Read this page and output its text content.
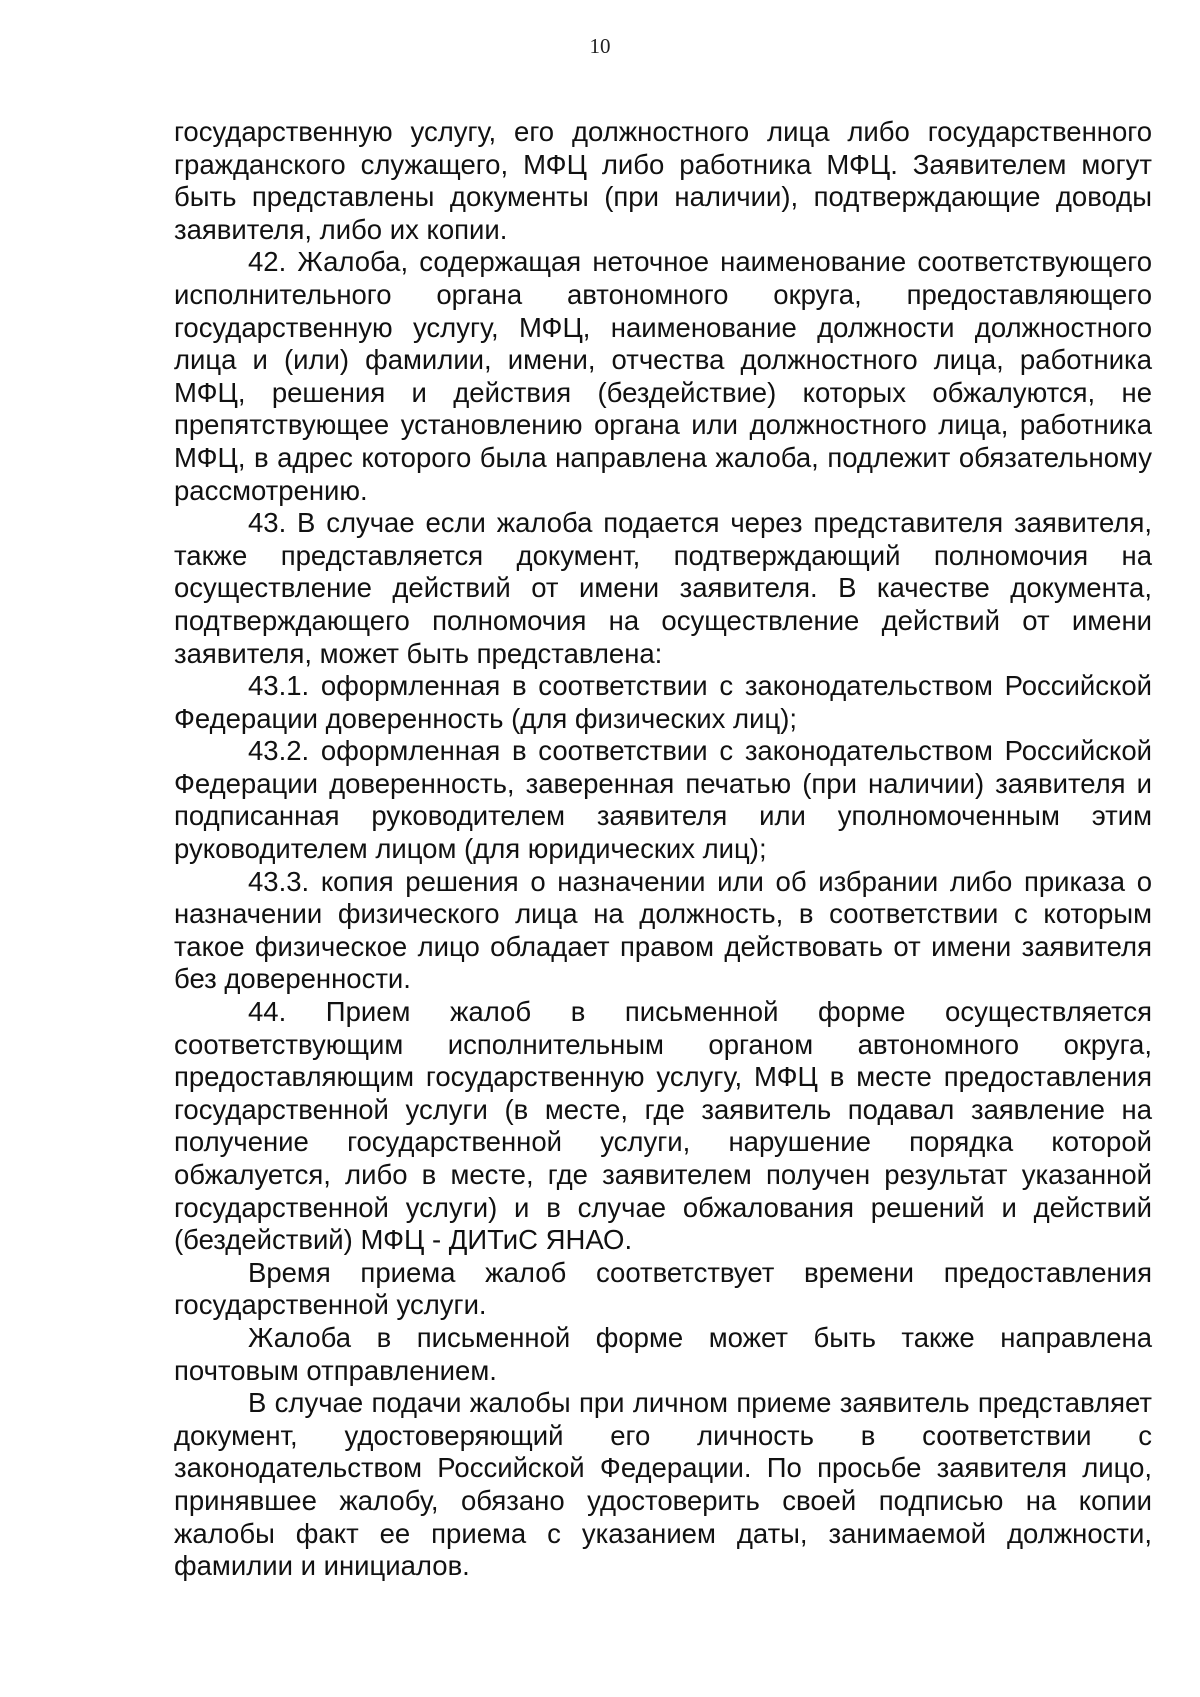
10

государственную услугу, его должностного лица либо государственного гражданского служащего, МФЦ либо работника МФЦ. Заявителем могут быть представлены документы (при наличии), подтверждающие доводы заявителя, либо их копии.

42. Жалоба, содержащая неточное наименование соответствующего исполнительного органа автономного округа, предоставляющего государственную услугу, МФЦ, наименование должности должностного лица и (или) фамилии, имени, отчества должностного лица, работника МФЦ, решения и действия (бездействие) которых обжалуются, не препятствующее установлению органа или должностного лица, работника МФЦ, в адрес которого была направлена жалоба, подлежит обязательному рассмотрению.

43. В случае если жалоба подается через представителя заявителя, также представляется документ, подтверждающий полномочия на осуществление действий от имени заявителя. В качестве документа, подтверждающего полномочия на осуществление действий от имени заявителя, может быть представлена:

43.1. оформленная в соответствии с законодательством Российской Федерации доверенность (для физических лиц);

43.2. оформленная в соответствии с законодательством Российской Федерации доверенность, заверенная печатью (при наличии) заявителя и подписанная руководителем заявителя или уполномоченным этим руководителем лицом (для юридических лиц);

43.3. копия решения о назначении или об избрании либо приказа о назначении физического лица на должность, в соответствии с которым такое физическое лицо обладает правом действовать от имени заявителя без доверенности.

44. Прием жалоб в письменной форме осуществляется соответствующим исполнительным органом автономного округа, предоставляющим государственную услугу, МФЦ в месте предоставления государственной услуги (в месте, где заявитель подавал заявление на получение государственной услуги, нарушение порядка которой обжалуется, либо в месте, где заявителем получен результат указанной государственной услуги) и в случае обжалования решений и действий (бездействий) МФЦ - ДИТиС ЯНАО.

Время приема жалоб соответствует времени предоставления государственной услуги.

Жалоба в письменной форме может быть также направлена почтовым отправлением.

В случае подачи жалобы при личном приеме заявитель представляет документ, удостоверяющий его личность в соответствии с законодательством Российской Федерации. По просьбе заявителя лицо, принявшее жалобу, обязано удостоверить своей подписью на копии жалобы факт ее приема с указанием даты, занимаемой должности, фамилии и инициалов.
